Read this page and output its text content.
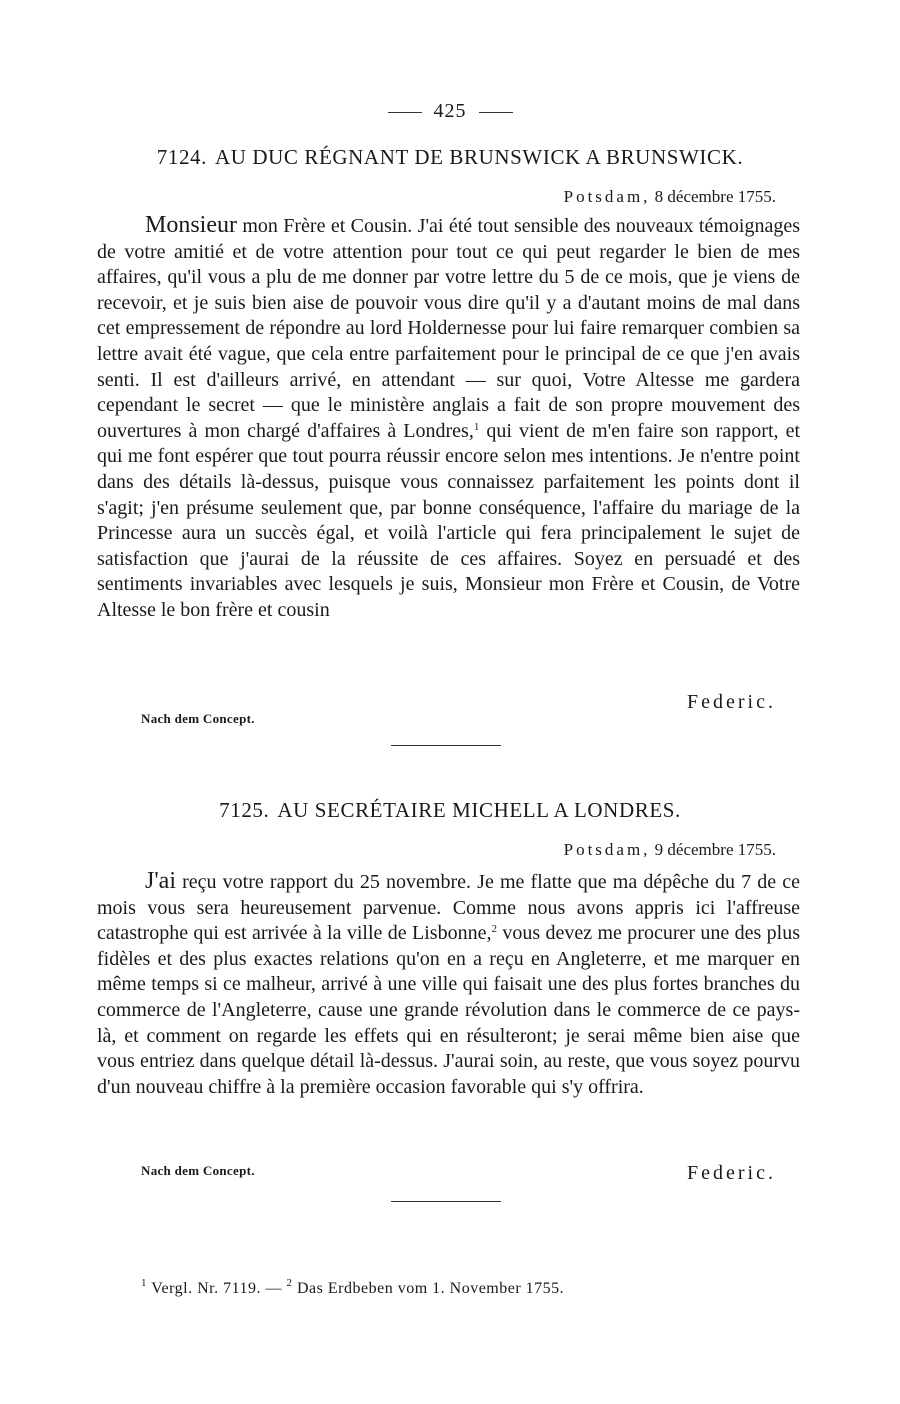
425
7124. AU DUC RÉGNANT DE BRUNSWICK A BRUNSWICK.
Potsdam, 8 décembre 1755.
Monsieur mon Frère et Cousin. J'ai été tout sensible des nouveaux témoignages de votre amitié et de votre attention pour tout ce qui peut regarder le bien de mes affaires, qu'il vous a plu de me donner par votre lettre du 5 de ce mois, que je viens de recevoir, et je suis bien aise de pouvoir vous dire qu'il y a d'autant moins de mal dans cet empressement de répondre au lord Holdernesse pour lui faire remarquer combien sa lettre avait été vague, que cela entre parfaitement pour le principal de ce que j'en avais senti. Il est d'ailleurs arrivé, en attendant — sur quoi, Votre Altesse me gardera cependant le secret — que le ministère anglais a fait de son propre mouvement des ouvertures à mon chargé d'affaires à Londres,$^1$ qui vient de m'en faire son rapport, et qui me font espérer que tout pourra réussir encore selon mes intentions. Je n'entre point dans des détails là-dessus, puisque vous connaissez parfaitement les points dont il s'agit; j'en présume seulement que, par bonne conséquence, l'affaire du mariage de la Princesse aura un succès égal, et voilà l'article qui fera principalement le sujet de satisfaction que j'aurai de la réussite de ces affaires. Soyez en persuadé et des sentiments invariables avec lesquels je suis, Monsieur mon Frère et Cousin, de Votre Altesse le bon frère et cousin
Federic.
Nach dem Concept.
7125. AU SECRÉTAIRE MICHELL A LONDRES.
Potsdam, 9 décembre 1755.
J'ai reçu votre rapport du 25 novembre. Je me flatte que ma dépêche du 7 de ce mois vous sera heureusement parvenue. Comme nous avons appris ici l'affreuse catastrophe qui est arrivée à la ville de Lisbonne,$^2$ vous devez me procurer une des plus fidèles et des plus exactes relations qu'on en a reçu en Angleterre, et me marquer en même temps si ce malheur, arrivé à une ville qui faisait une des plus fortes branches du commerce de l'Angleterre, cause une grande révolution dans le commerce de ce pays-là, et comment on regarde les effets qui en résulteront; je serai même bien aise que vous entriez dans quelque détail là-dessus. J'aurai soin, au reste, que vous soyez pourvu d'un nouveau chiffre à la première occasion favorable qui s'y offrira.
Nach dem Concept.	Federic.
$^1$ Vergl. Nr. 7119. — $^2$ Das Erdbeben vom 1. November 1755.
